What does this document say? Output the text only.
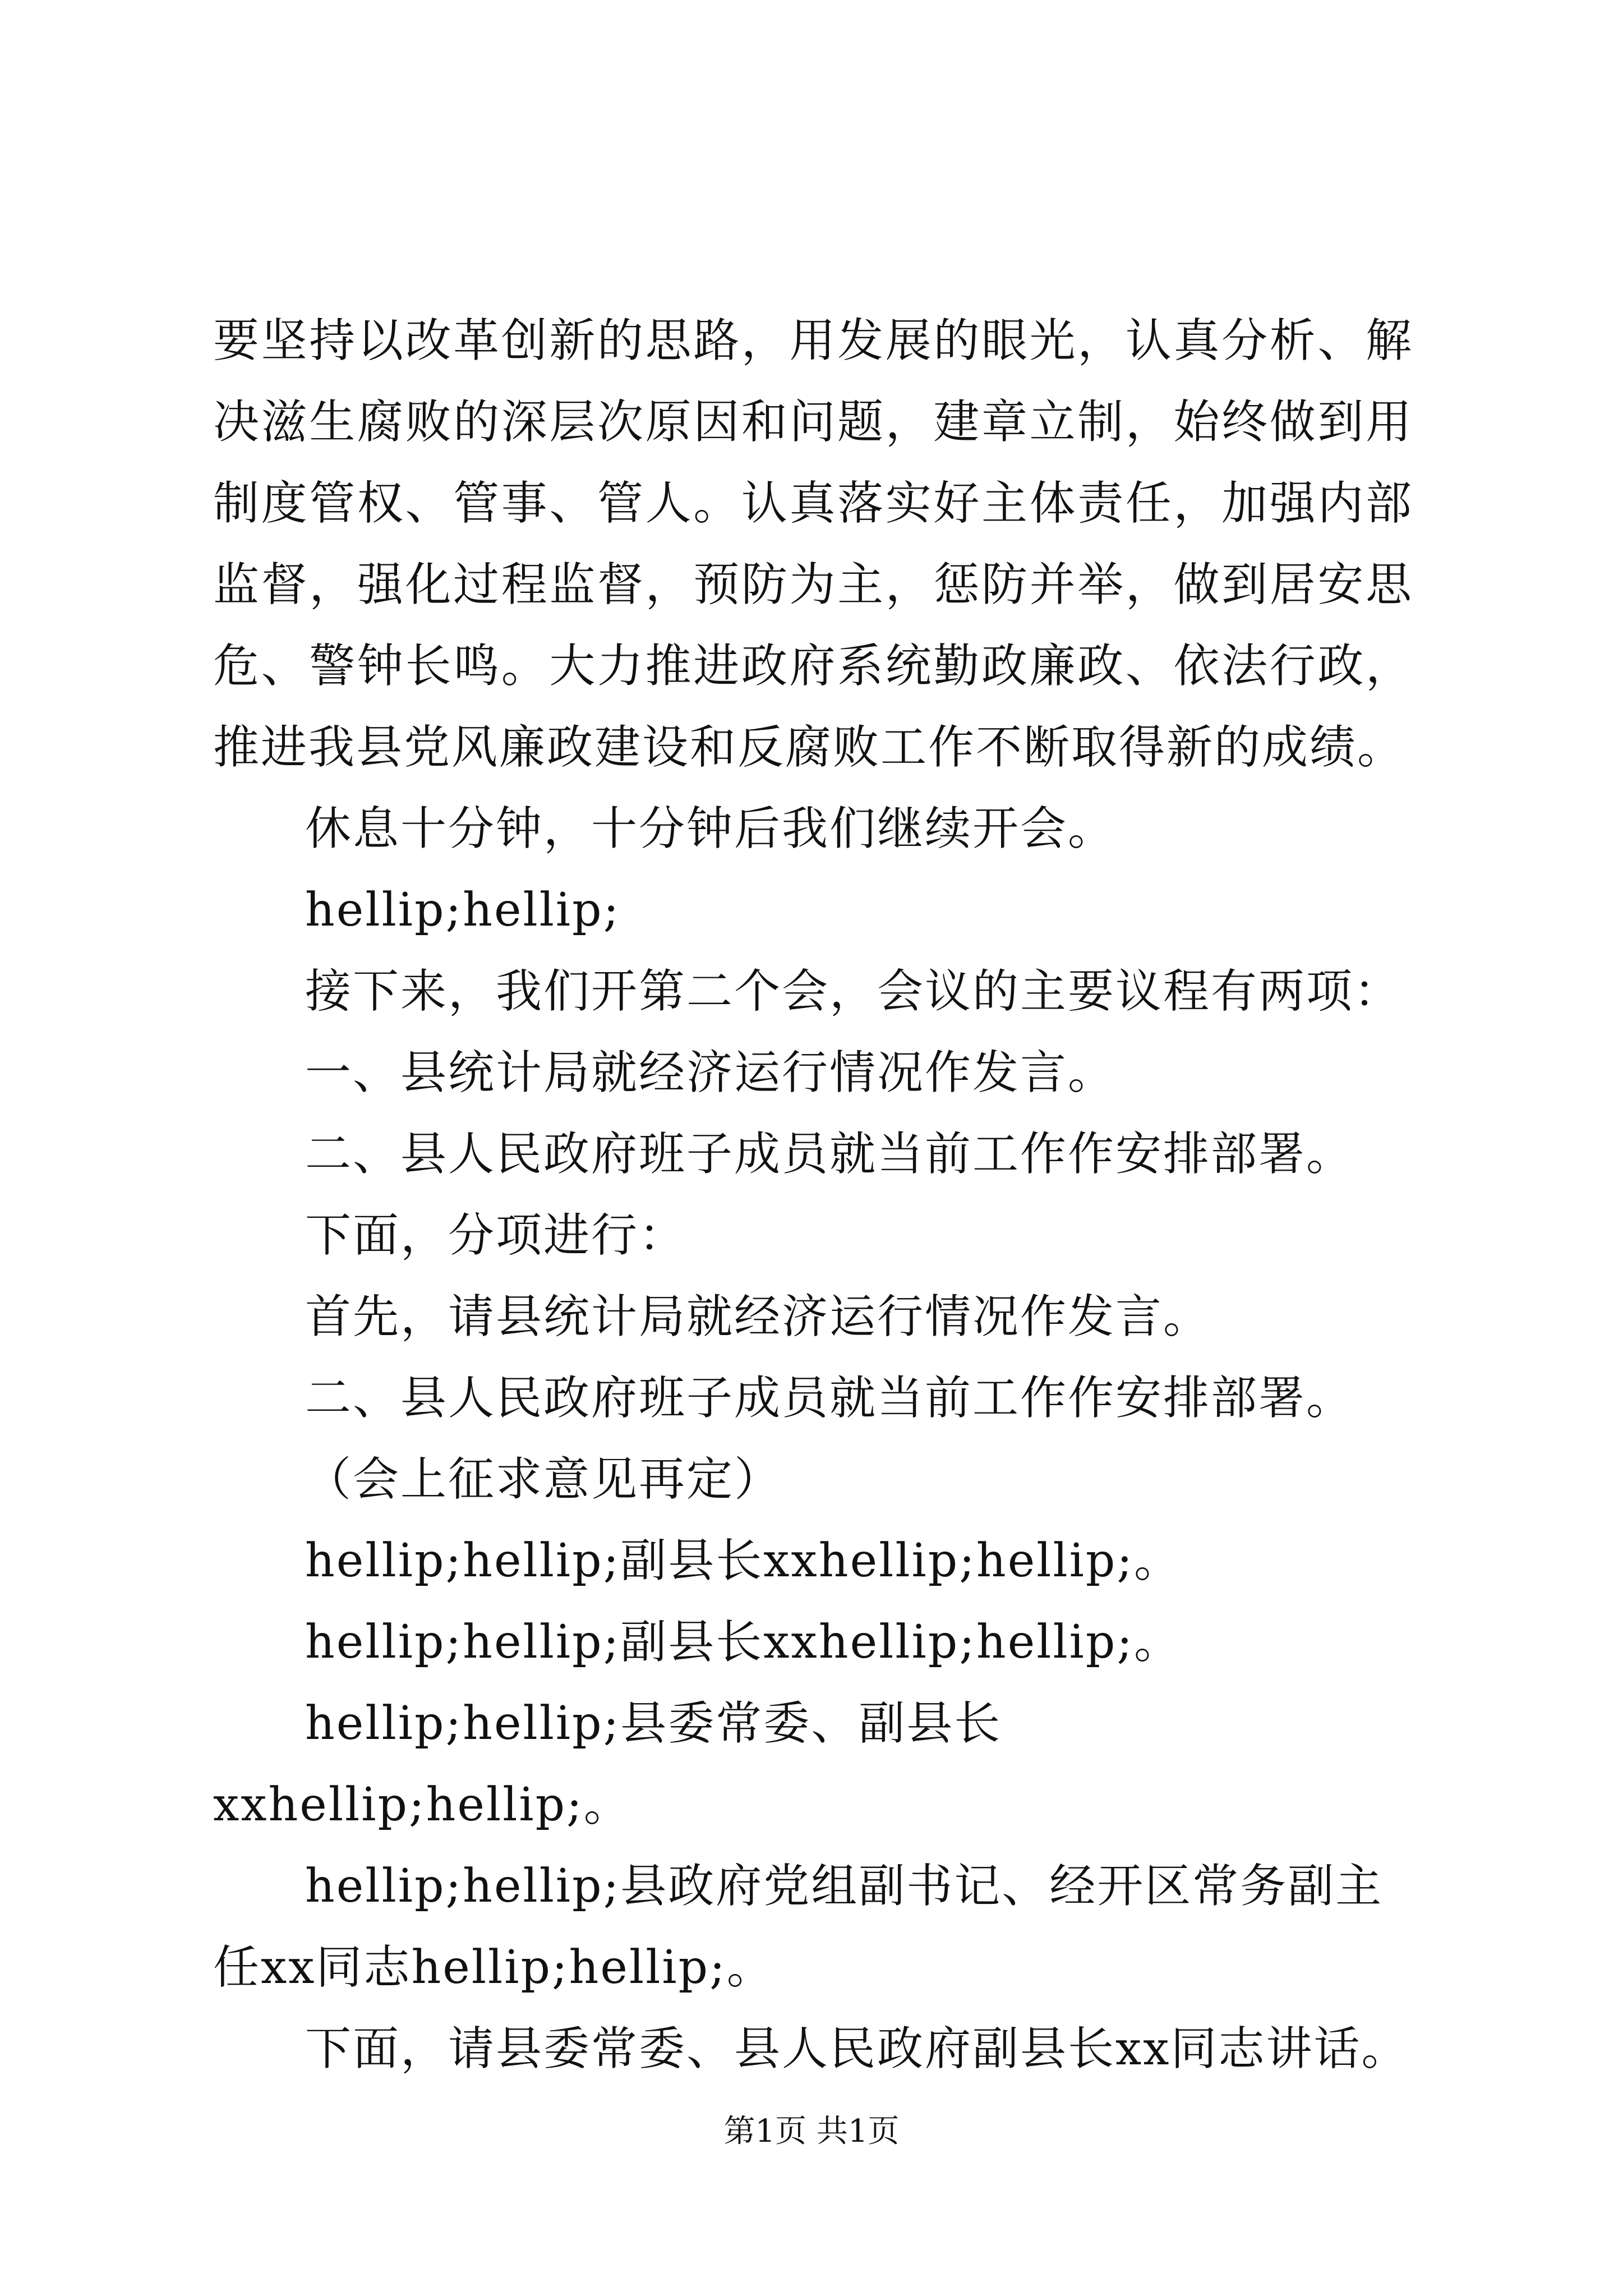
要坚持以改革创新的思路，用发展的眼光，认真分析、解决滋生腐败的深层次原因和问题，建章立制，始终做到用制度管权、管事、管人。认真落实好主体责任，加强内部监督，强化过程监督，预防为主，惩防并举，做到居安思危、警钟长鸣。大力推进政府系统勤政廉政、依法行政，推进我县党风廉政建设和反腐败工作不断取得新的成绩。

休息十分钟，十分钟后我们继续开会。

hellip;hellip;

接下来，我们开第二个会，会议的主要议程有两项：

一、县统计局就经济运行情况作发言。

二、县人民政府班子成员就当前工作作安排部署。

下面，分项进行：

首先，请县统计局就经济运行情况作发言。

二、县人民政府班子成员就当前工作作安排部署。

（会上征求意见再定）

hellip;hellip;副县长xxhellip;hellip;。

hellip;hellip;副县长xxhellip;hellip;。

hellip;hellip;县委常委、副县长xxhellip;hellip;。

hellip;hellip;县政府党组副书记、经开区常务副主任xx同志hellip;hellip;。

下面，请县委常委、县人民政府副县长xx同志讲话。

第1页 共1页
